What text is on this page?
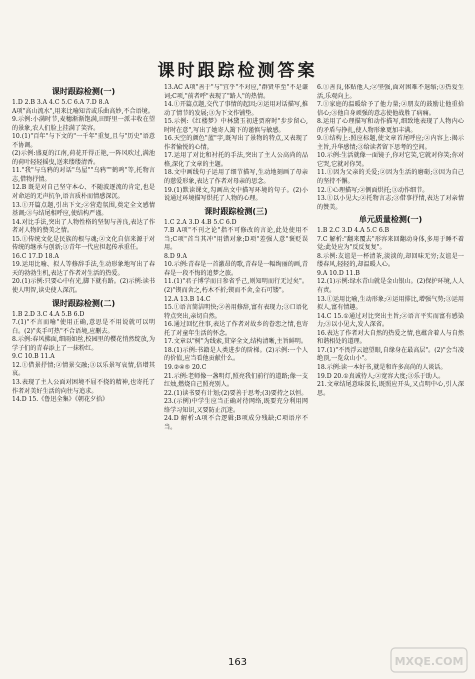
课时跟踪检测答案
课时跟踪检测(一)

1.D 2.B 3.A 4.C 5.C 6.A 7.D 8.A

A项"高山流水",用来比喻知音或乐曲高妙,不合语境。

9.示例:小满时节,麦穗渐渐饱满,田野里一派丰收在望的景象,农人们脸上挂满了笑容。

10.(1)"百年"与下文的"一千年"重复,且与"历史"语意不协调。

(2)示例:盛夏的江南,荷花开得正艳,一阵风吹过,满池的荷叶轻轻摇曳,送来缕缕清香。

11."我"与乌鸦的对话"鸟屋""乌鸦""鹤鸣"等,托物言志,借物抒情。

12.B 既是对自己坚守本心、不随波逐流的肯定,也是对命运的无声抗争,语言质朴而情感深沉。

13.①开篇点题,引出下文;②营造氛围,奠定全文感情基调;③与结尾相呼应,使结构严谨。

14.对比手法,突出了人物性格的坚韧与善良,表达了作者对人物的赞美之情。

15.①传统文化是民族的根与魂;②文化自信来源于对传统的继承与创新;③青年一代应担起传承重任。

16.C 17.D 18.A

19.运用比喻、拟人等修辞手法,生动形象地写出了春天的勃勃生机,表达了作者对生活的热爱。

20.(1)示例:只要心中有光,脚下就有路。(2)示例:读书使人明智,读史使人深沉。

课时跟踪检测(二)

1.B 2.D 3.C 4.A 5.B 6.D

7.(1)"不言而喻"使用正确,意思是不用说就可以明白。(2)"炙手可热"不合语境,应删去。

8.示例:春风拂面,细雨如丝,校园里的樱花悄然绽放,为学子们的青春添上了一抹粉红。

9.C 10.B 11.A

12.①借景抒情;②情景交融;③以乐景写哀情,倍增其哀。

13.表现了主人公面对困境不屈不挠的精神,也寄托了作者对美好生活的向往与追求。

14.D 15.《鲁迅全集》《朝花夕拾》

13.AC A项"善于"与"宜乎"不对应,"群贤毕至"不是谦词;C项,"前者呼"表现了"路人"的热情。

14.①开篇点题,交代了事情的起因;②运用对话描写,推动了情节的发展;③为下文作铺垫。

15.示例:《红楼梦》中林黛玉初进贾府时"步步留心,时时在意",写出了她寄人篱下的谨慎与敏感。

16.天空的颜色"蓝"字,既写出了景物的特点,又表现了作者愉悦的心情。

17.运用了对比和衬托的手法,突出了主人公高尚的品格,深化了文章的主题。

18.文中画线句子运用了细节描写,生动地刻画了母亲的慈爱形象,表达了作者对母亲的思念。

19.(1)默读课文,勾画出文中描写环境的句子。(2)小说通过环境描写烘托了人物的心理。

课时跟踪检测(三)

1.C 2.A 3.D 4.B 5.C 6.D

7.B A项"不刊之论"指不可修改的言论,此处使用不当;C项"首当其冲"用错对象;D项"差强人意"褒贬误用。

8.D 9.A

10.示例:青春是一首激昂的歌,青春是一幅绚丽的画,青春是一段不悔的追梦之旅。

11.(1)"君子博学而日参省乎己,则知明而行无过矣"。(2)"锲而舍之,朽木不折;锲而不舍,金石可镂"。

12.A 13.B 14.C

15.①语言简洁明快;②善用修辞,富有表现力;③口语化特点突出,亲切自然。

16.通过回忆往事,表达了作者对故乡的眷恋之情,也寄托了对童年生活的怀念。

17.文章以"树"为线索,贯穿全文,结构清晰,主旨鲜明。

18.(1)示例:书籍是人类进步的阶梯。(2)示例:一个人的价值,应当看他贡献什么。

19.②④⑤ 20.C

21.示例:老师像一盏明灯,照亮我们前行的道路;像一支红烛,燃烧自己照亮别人。

22.(1)读书要有计划;(2)要善于思考;(3)要持之以恒。

23.(示例)中学生应当正确对待网络,既要充分利用网络学习知识,又要防止沉迷。

24.D 解析:A项不合逻辑;B项成分残缺;C项语序不当。

6.①善良,体贴他人;②坚强,面对困难不退缩;③热爱生活,乐观向上。

7.①家庭的温暖给予了他力量;②朋友的鼓励让他重拾信心;③他自身顽强的意志使他战胜了病痛。

8.运用了心理描写和动作描写,细致地表现了人物内心的矛盾与挣扎,使人物形象更加丰满。

9.①结构上:照应标题,使文章首尾呼应;②内容上:揭示主旨,升华感情;③给读者留下思考的空间。

10.示例:生活就像一面镜子,你对它笑,它就对你笑;你对它哭,它就对你哭。

11.①因为父亲的关爱;②因为生活的磨砺;③因为自己的坚持不懈。

12.①心理描写;②侧面烘托;③动作细节。

13.①以小见大;②托物言志;③借事抒情,表达了对亲情的赞美。

单元质量检测(一)

1.B 2.C 3.D 4.A 5.C 6.B

7.C 解析:"翻来覆去"形容来回翻动身体,多用于睡不着觉;此处应为"反反复复"。

8.示例:友谊是一杯清茶,淡淡的,却回味无穷;友谊是一缕春风,轻轻的,却温暖人心。

9.A 10.D 11.B

12.(1)示例:绿水青山就是金山银山。(2)保护环境,人人有责。

13.①运用比喻,生动形象;②运用排比,增强气势;③运用拟人,富有情趣。

14.C 15.①通过对比突出主旨;②语言平实而富有感染力;③以小见大,发人深省。

16.表达了作者对大自然的热爱之情,也蕴含着人与自然和谐相处的道理。

17.(1)"不畏浮云遮望眼,自缘身在最高层"。(2)"会当凌绝顶,一览众山小"。

18.示例:读一本好书,就是和许多高尚的人谈话。

19.D 20.①真诚待人;②宽容大度;③乐于助人。

21.文章结尾意味深长,既照应开头,又点明中心,引人深思。

163	MXQE.COM
